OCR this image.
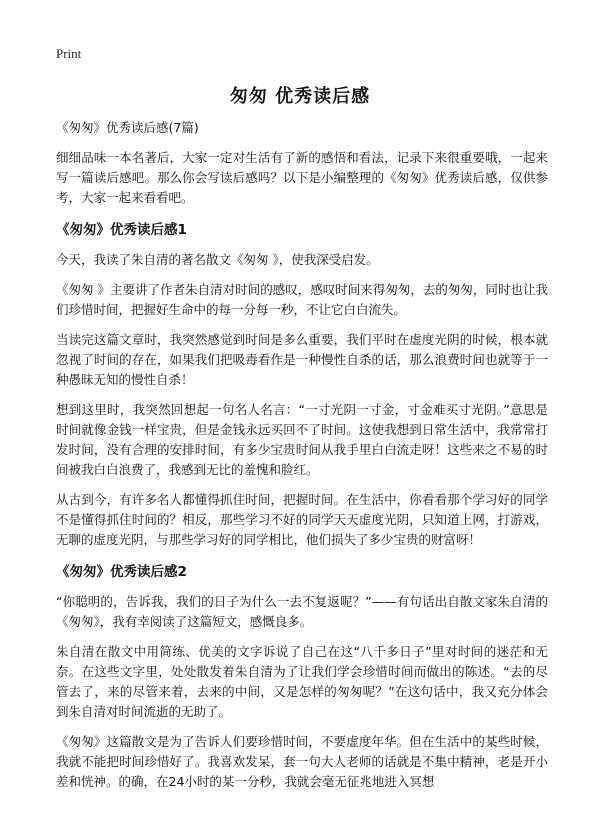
Print
匆匆 优秀读后感
《匆匆》优秀读后感(7篇)

细细品味一本名著后，大家一定对生活有了新的感悟和看法，记录下来很重要哦，一起来写一篇读后感吧。那么你会写读后感吗？以下是小编整理的《匆匆》优秀读后感，仅供参考，大家一起来看看吧。

《匆匆》优秀读后感1

今天，我读了朱自清的著名散文《匆匆 》，使我深受启发。

《匆匆 》主要讲了作者朱自清对时间的感叹，感叹时间来得匆匆，去的匆匆，同时也让我们珍惜时间，把握好生命中的每一分每一秒，不让它白白流失。

当读完这篇文章时，我突然感觉到时间是多么重要，我们平时在虚度光阴的时候，根本就忽视了时间的存在，如果我们把吸毒看作是一种慢性自杀的话，那么浪费时间也就等于一种愚昧无知的慢性自杀！

想到这里时，我突然回想起一句名人名言：“一寸光阴一寸金，寸金难买寸光阴。”意思是时间就像金钱一样宝贵，但是金钱永远买回不了时间。这使我想到日常生活中，我常常打发时间，没有合理的安排时间，有多少宝贵时间从我手里白白流走呀！这些来之不易的时间被我白白浪费了，我感到无比的羞愧和脸红。

从古到今，有许多名人都懂得抓住时间，把握时间。在生活中，你看看那个学习好的同学不是懂得抓住时间的？相反，那些学习不好的同学天天虚度光阴，只知道上网，打游戏，无聊的虚度光阴，与那些学习好的同学相比，他们损失了多少宝贵的财富呀！

《匆匆》优秀读后感2

“你聪明的，告诉我，我们的日子为什么一去不复返呢？”——有句话出自散文家朱自清的《匆匆》，我有幸阅读了这篇短文，感慨良多。

朱自清在散文中用简练、优美的文字诉说了自己在这“八千多日子”里对时间的迷茫和无奈。在这些文字里，处处散发着朱自清为了让我们学会珍惜时间而做出的陈述。“去的尽管去了，来的尽管来着，去来的中间，又是怎样的匆匆呢？”在这句话中，我又充分体会到朱自清对时间流逝的无助了。

《匆匆》这篇散文是为了告诉人们要珍惜时间，不要虚度年华。但在生活中的某些时候，我就不能把时间珍惜好了。我喜欢发呆，套一句大人老师的话就是不集中精神，老是开小差和恍神。的确，在24小时的某一分秒，我就会毫无征兆地进入冥想
